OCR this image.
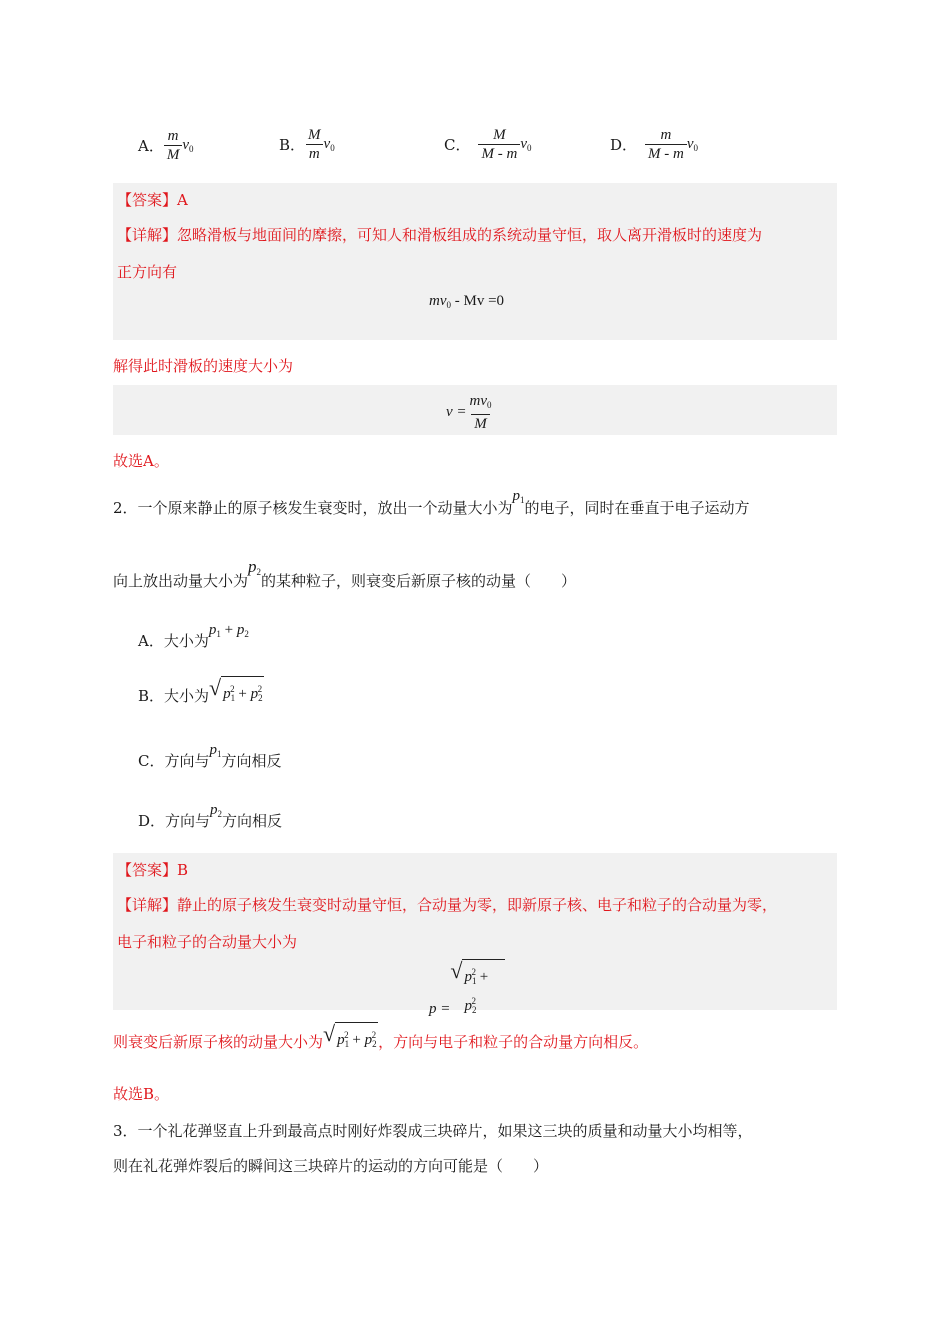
A． $\frac{m}{M} v_0$	B． $\frac{M}{m} v_0$	C． $\frac{M}{M - m} v_0$	D． $\frac{m}{M - m} v_0$
【答案】A
【详解】忽略滑板与地面间的摩擦，可知人和滑板组成的系统动量守恒，取人离开滑板时的速度为
正方向有
$mv_0 - Mv =0$
解得此时滑板的速度大小为
$v = \frac{mv_0}{M}$
故选A。
2．一个原来静止的原子核发生衰变时，放出一个动量大小为$p_1$的电子，同时在垂直于电子运动方
向上放出动量大小为$p_2$的某种粒子，则衰变后新原子核的动量（　　）
A．大小为$p_1 + p_2$
B．大小为 √ $p_1^2 + p_2^2$
C．方向与$p_1$方向相反
D．方向与$p_2$方向相反
【答案】B
【详解】静止的原子核发生衰变时动量守恒，合动量为零，即新原子核、电子和粒子的合动量为零，
电子和粒子的合动量大小为
p =
√ $p_1^2 + p_2^2$
则衰变后新原子核的动量大小为 √ $p_1^2 + p_2^2$ ，方向与电子和粒子的合动量方向相反。
故选B。
3．一个礼花弹竖直上升到最高点时刚好炸裂成三块碎片，如果这三块的质量和动量大小均相等，
则在礼花弹炸裂后的瞬间这三块碎片的运动的方向可能是（　　）
